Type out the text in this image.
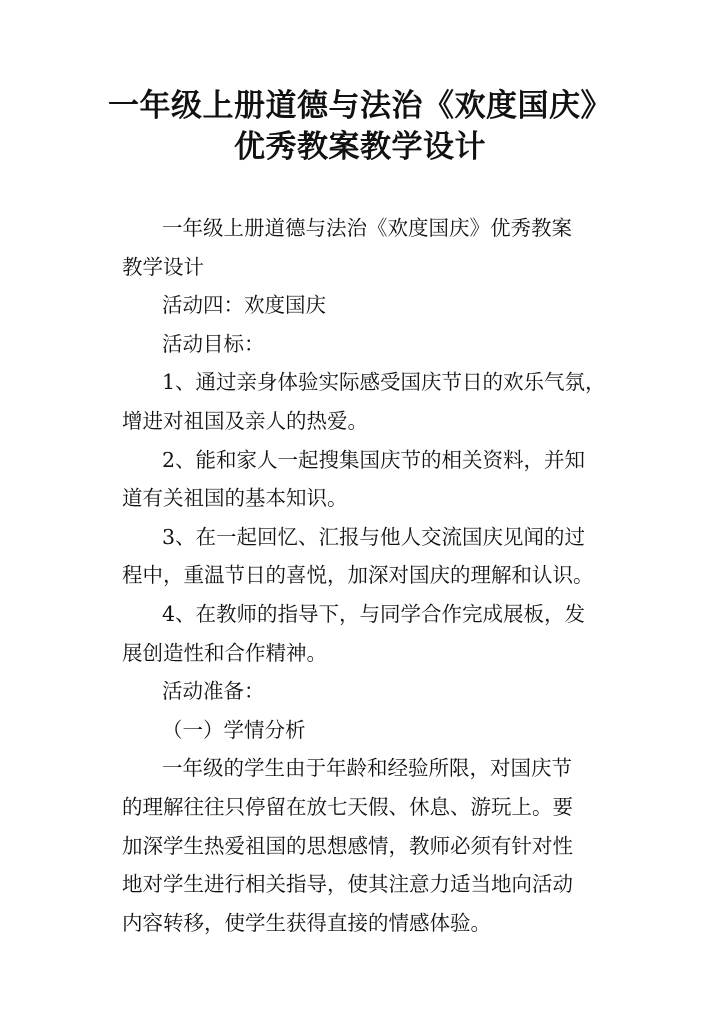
一年级上册道德与法治《欢度国庆》
优秀教案教学设计
一年级上册道德与法治《欢度国庆》优秀教案
教学设计
活动四：欢度国庆
活动目标：
1、通过亲身体验实际感受国庆节日的欢乐气氛，
增进对祖国及亲人的热爱。
2、能和家人一起搜集国庆节的相关资料，并知
道有关祖国的基本知识。
3、在一起回忆、汇报与他人交流国庆见闻的过
程中，重温节日的喜悦，加深对国庆的理解和认识。
4、在教师的指导下，与同学合作完成展板，发
展创造性和合作精神。
活动准备：
（一）学情分析
一年级的学生由于年龄和经验所限，对国庆节
的理解往往只停留在放七天假、休息、游玩上。要
加深学生热爱祖国的思想感情，教师必须有针对性
地对学生进行相关指导，使其注意力适当地向活动
内容转移，使学生获得直接的情感体验。
